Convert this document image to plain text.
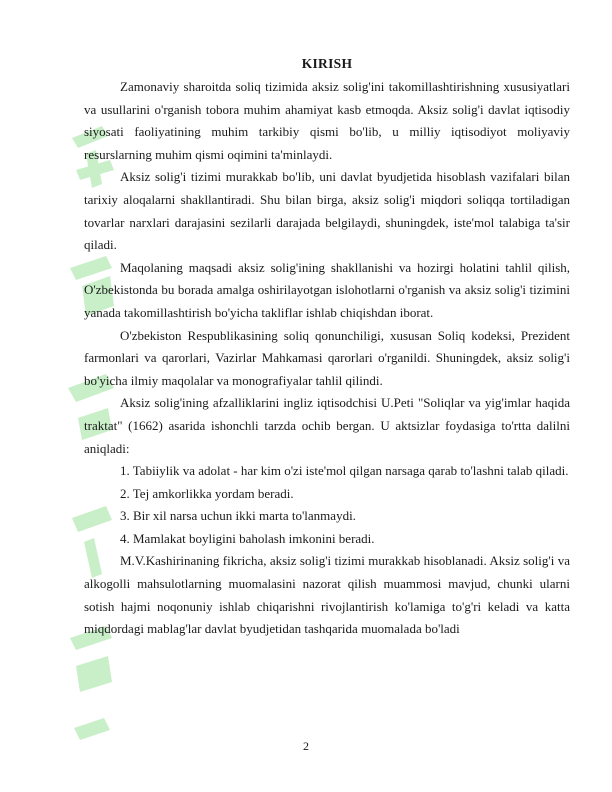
KIRISH

Zamonaviy sharoitda soliq tizimida aksiz solig'ini takomillashtirishning xususiyatlari va usullarini o'rganish tobora muhim ahamiyat kasb etmoqda. Aksiz solig'i davlat iqtisodiy siyosati faoliyatining muhim tarkibiy qismi bo'lib, u milliy iqtisodiyot moliyaviy resurslarning muhim qismi oqimini ta'minlaydi.

Aksiz solig'i tizimi murakkab bo'lib, uni davlat byudjetida hisoblash vazifalari bilan tarixiy aloqalarni shakllantiradi. Shu bilan birga, aksiz solig'i miqdori soliqqa tortiladigan tovarlar narxlari darajasini sezilarli darajada belgilaydi, shuningdek, iste'mol talabiga ta'sir qiladi.

Maqolaning maqsadi aksiz solig'ining shakllanishi va hozirgi holatini tahlil qilish, O'zbekistonda bu borada amalga oshirilayotgan islohotlarni o'rganish va aksiz solig'i tizimini yanada takomillashtirish bo'yicha takliflar ishlab chiqishdan iborat.

O'zbekiston Respublikasining soliq qonunchiligi, xususan Soliq kodeksi, Prezident farmonlari va qarorlari, Vazirlar Mahkamasi qarorlari o'rganildi. Shuningdek, aksiz solig'i bo'yicha ilmiy maqolalar va monografiyalar tahlil qilindi.

Aksiz solig'ining afzalliklarini ingliz iqtisodchisi U.Peti "Soliqlar va yig'imlar haqida traktat" (1662) asarida ishonchli tarzda ochib bergan. U aktsizlar foydasiga to'rtta dalilni aniqladi:

1. Tabiiylik va adolat - har kim o'zi iste'mol qilgan narsaga qarab to'lashni talab qiladi.

2. Tej amkorlikka yordam beradi.

3. Bir xil narsa uchun ikki marta to'lanmaydi.

4. Mamlakat boyligini baholash imkonini beradi.

M.V.Kashirinaning fikricha, aksiz solig'i tizimi murakkab hisoblanadi. Aksiz solig'i va alkogolli mahsulotlarning muomalasini nazorat qilish muammosi mavjud, chunki ularni sotish hajmi noqonuniy ishlab chiqarishni rivojlantirish ko'lamiga to'g'ri keladi va katta miqdordagi mablag'lar davlat byudjetidan tashqarida muomalada bo'ladi

2
